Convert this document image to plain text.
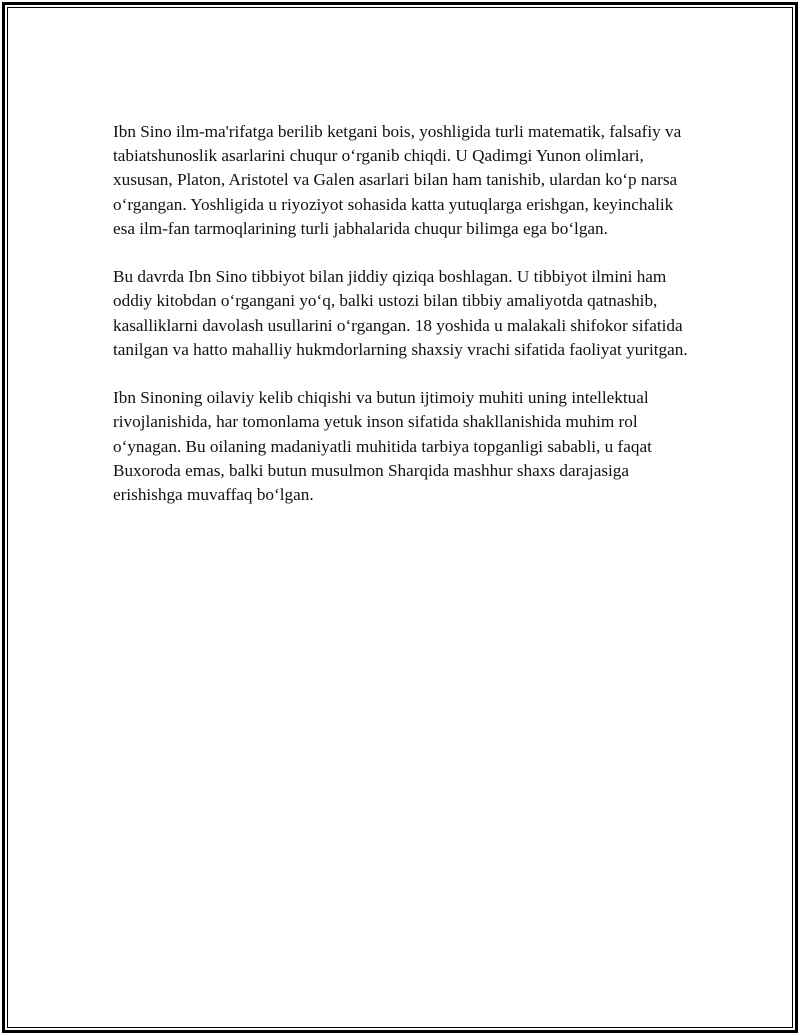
Ibn Sino ilm-ma'rifatga berilib ketgani bois, yoshligida turli matematik, falsafiy va tabiatshunoslik asarlarini chuqur o‘rganib chiqdi. U Qadimgi Yunon olimlari, xususan, Platon, Aristotel va Galen asarlari bilan ham tanishib, ulardan ko‘p narsa o‘rgangan. Yoshligida u riyoziyot sohasida katta yutuqlarga erishgan, keyinchalik esa ilm-fan tarmoqlarining turli jabhalarida chuqur bilimga ega bo‘lgan.

Bu davrda Ibn Sino tibbiyot bilan jiddiy qiziqa boshlagan. U tibbiyot ilmini ham oddiy kitobdan o‘rgangani yo‘q, balki ustozi bilan tibbiy amaliyotda qatnashib, kasalliklarni davolash usullarini o‘rgangan. 18 yoshida u malakali shifokor sifatida tanilgan va hatto mahalliy hukmdorlarning shaxsiy vrachi sifatida faoliyat yuritgan.

Ibn Sinoning oilaviy kelib chiqishi va butun ijtimoiy muhiti uning intellektual rivojlanishida, har tomonlama yetuk inson sifatida shakllanishida muhim rol o‘ynagan. Bu oilaning madaniyatli muhitida tarbiya topganligi sababli, u faqat Buxoroda emas, balki butun musulmon Sharqida mashhur shaxs darajasiga erishishga muvaffaq bo‘lgan.
